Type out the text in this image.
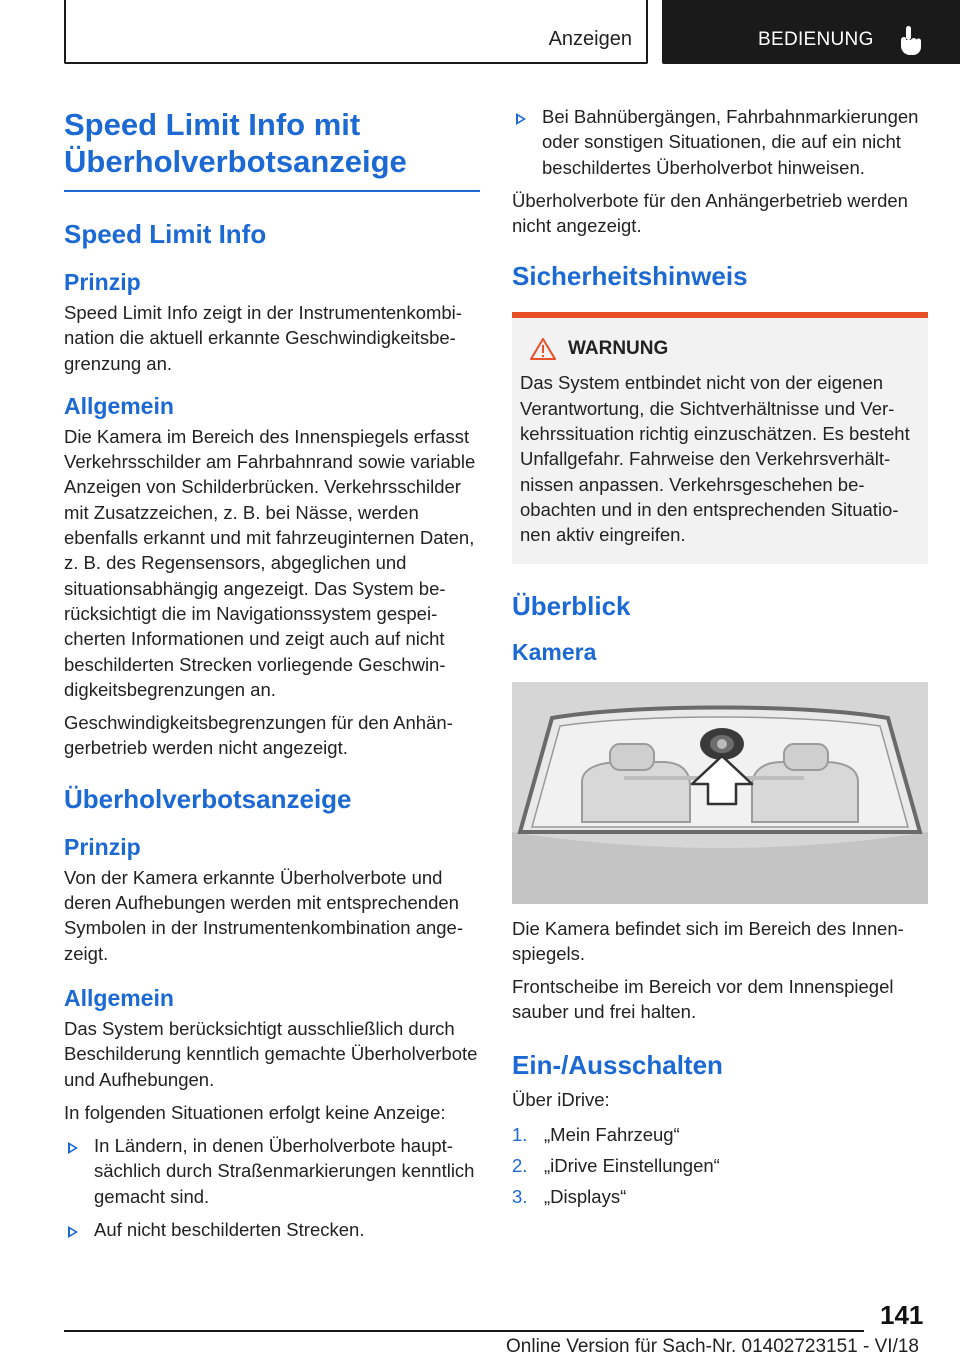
Anzeigen	BEDIENUNG
Speed Limit Info mit Überholverbotsanzeige
Speed Limit Info
Prinzip

Speed Limit Info zeigt in der Instrumentenkombination die aktuell erkannte Geschwindigkeitsbegrenzung an.

Allgemein

Die Kamera im Bereich des Innenspiegels erfasst Verkehrsschilder am Fahrbahnrand sowie variable Anzeigen von Schilderbrücken. Verkehrsschilder mit Zusatzzeichen, z. B. bei Nässe, werden ebenfalls erkannt und mit fahrzeuginternen Daten, z. B. des Regensensors, abgeglichen und situationsabhängig angezeigt. Das System berücksichtigt die im Navigationssystem gespeicherten Informationen und zeigt auch auf nicht beschilderten Strecken vorliegende Geschwindigkeitsbegrenzungen an.

Geschwindigkeitsbegrenzungen für den Anhängerbetrieb werden nicht angezeigt.

Überholverbotsanzeige
Prinzip

Von der Kamera erkannte Überholverbote und deren Aufhebungen werden mit entsprechenden Symbolen in der Instrumentenkombination angezeigt.

Allgemein

Das System berücksichtigt ausschließlich durch Beschilderung kenntlich gemachte Überholverbote und Aufhebungen.

In folgenden Situationen erfolgt keine Anzeige:

In Ländern, in denen Überholverbote hauptsächlich durch Straßenmarkierungen kenntlich gemacht sind.
Auf nicht beschilderten Strecken.
Bei Bahnübergängen, Fahrbahnmarkierungen oder sonstigen Situationen, die auf ein nicht beschildertes Überholverbot hinweisen.

Überholverbote für den Anhängerbetrieb werden nicht angezeigt.

Sicherheitshinweis
WARNUNG

Das System entbindet nicht von der eigenen Verantwortung, die Sichtverhältnisse und Verkehrssituation richtig einzuschätzen. Es besteht Unfallgefahr. Fahrweise den Verkehrsverhältnissen anpassen. Verkehrsgeschehen beobachten und in den entsprechenden Situationen aktiv eingreifen.

Überblick
Kamera

Die Kamera befindet sich im Bereich des Innenspiegels.

Frontscheibe im Bereich vor dem Innenspiegel sauber und frei halten.

Ein-/Ausschalten

Über iDrive:

1. „Mein Fahrzeug“
2. „iDrive Einstellungen“
3. „Displays“
141
Online Version für Sach-Nr. 01402723151 - VI/18
